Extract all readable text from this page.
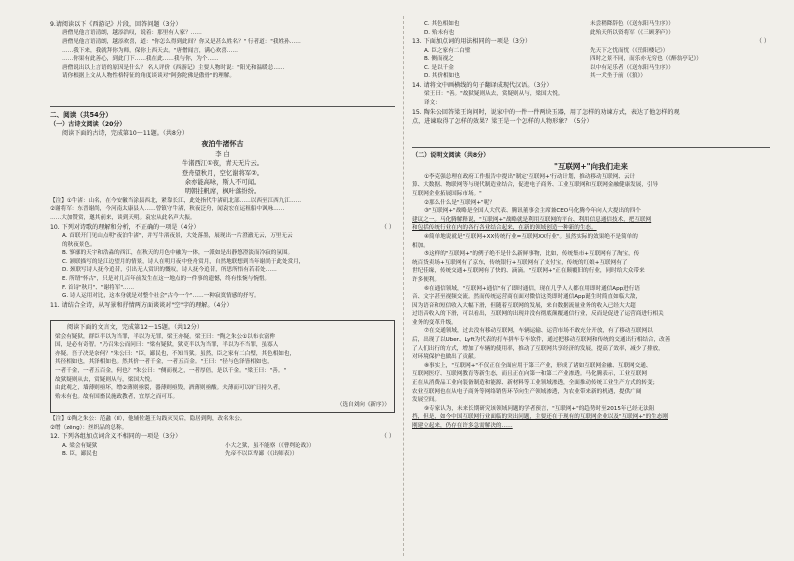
9.请阅读以下《西游记》片段，回答问题（3分）

唐僧见他言语清朗，越添浩叹，说着：那里有人家？……

唐僧见他言语清朗，越添欢喜，道："你怎么得到此间？你又是甚么姓名？" 行者道："我姓孙……

……我下来，我就拜你为师，保你上西天去。"唐僧闻言，满心欢喜……

……你果有此善心，到此门下……我在此……我与你，为个……

唐僧说出以上言语的原因是什么？ 名人评价《西游记》主要人物时说："阳光和温暖总……

请你根据上文从人物性格特征的角度谈谈对"阿弥陀佛是傲骨"的理解。

二、阅读（共54分）

（一）古诗文阅读（20分）

阅读下面的古诗，完成第10～11题。（共8分）

夜泊牛渚怀古

李 白

牛渚西江①夜，青天无片云。

登舟望秋月，空忆谢将军②。

余亦能高咏，斯人不可闻。

明朝挂帆席，枫叶落纷纷。

【注】①牛渚：山名，在今安徽当涂县西北，紧靠长江，此处指代牛渚矶北部……以西至江西九江……

②谢将军：东晋谢尚，今河南太康县人……曾镇守牛渚，秋夜泛舟，闻袁宏在运租船中讽咏……

……大加赞赏，邀其前来，谈到天明。袁宏从此名声大振。

10. 下列对诗歌的理解和分析，不正确的一项是（4分）	（ ）

A. 首联开门见山点明"夜泊牛渚"，并写牛渚夜景，大处落墨，展现出一片澄澈无云，万里无云

的秋夜景色。

B. 寥廓的天宇和浩淼的西江，在秋天的月色中融为一体，一派如是出静悠澄淡而冷寂的氛围。

C. 颔联描写的是江边望月的情景，诗人在明月夜中登舟赏月，自然地联想到当年谢尚于此处赏月，

D. 颈联写诗人抚今追昔，引出无人赏识的慨叹，诗人抚今追昔，所思所悟有若若处……

E. 所谓"怀古"，只是对几百年前发生在这一地点的一件事的遗憾，终有怅惋与惋惜。

F. 首诗"秋月"、"谢将军"……

G. 诗人运用对比，这本身就是对整个社会"古今一个"……一种寂寞情感的抒写。

11. 请结合全诗，从写景和抒情两方面谈谈对"空"字的理解。（4分）

阅读下面的文言文，完成第12～15题。（共12分）

梁会有疑狱，群臣半以为当罪，半以为无罪，梁王亦疑。梁王曰："陶之朱公①以布衣富侔

国，是必有奇智。"乃召朱公而问曰："梁有疑狱，狱吏半以为当罪，半以为不当罪，虽寡人

亦疑。吾子决是奈何？"朱公曰："臣，鄙民也，不知当狱。虽然，臣之家有二白璧，其色相如也，

其径相如也，其泽相如也。然其价一者千金，一者五百金。"王曰："径与色泽皆相如也，

一者千金，一者五百金，何也？"朱公曰："侧而视之，一者厚倍，是以千金。"梁王曰："善。"

故狱疑则从去，赏疑则从与，梁国大悦。

由此观之，墙薄则亟坏，缯②薄则亟裂，器薄则亟毁，酒薄则亟酸。夫薄而可以旷日持久者，

殆未有也。故有国畜民施政教者，宜厚之而可耳。

（选自刘向《新序》）

【注】①陶之朱公：范蠡（lǐ），他辅佐越王勾践灭吴后，隐居到陶，改名朱公。

②缯（zēng）：丝织品的总称。

12. 下列各组加点词含义不相同的一项是（3分）	（ ）
A. 梁会有疑狱	小大之狱，虽不能察（《曹刿论战》）
B. 臣，鄙民也	先帝不以臣卑鄙（《出师表》）
C. 其色相如也	未尝稍降辞色（《送东阳马生序》）
D. 殆未有也	此殆天所以资将军（《三顾茅庐》）
13. 下面加点词的用法相同的一项是（3分）	（ ）
A. 臣之家有二白璧	先天下之忧而忧（《岳阳楼记》）
B. 侧而视之	四时之景不同，而乐亦无穷也（《醉翁亭记》）
C. 是以千金	以中有足乐者（《送东阳马生序》）
D. 其价相如也	其一犬坐于前（《狼》）

14. 请将文中画横线的句子翻译成现代汉语。（3分）

梁王曰："善。"故狱疑则从去，赏疑则从与，梁国大悦。

译文：

15. 陶朱公回答梁王询问时，说家中的一件一件两块玉器，用了怎样的劝谏方式，表达了他怎样的观

点，进谏取得了怎样的效果？梁王是一个怎样的人物形象？（5分）

（二）说明文阅读（共8分）

"互联网+"向我们走来

①李克强总理在政府工作报告中提出"制定'互联网+'行动计划，推动移动互联网、云计

算、大数据、物联网等与现代制造业结合，促进电子商务、工业互联网和互联网金融健康发展，引导

互联网企业拓展国际市场。"

②那么什么是"互联网+"呢？

③"互联网+"战略是全国人大代表、腾讯董事会主席兼CEO马化腾今年向人大提出的四个

建议之一。马化腾解释说，"互联网+"战略就是利用互联网的平台、利用信息通信技术，把互联网

和包括传统行业在内的各行各业结合起来，在新的领域创造一种新的生态。

④简单地说就是"互联网+XX传统行业=互联网XX行业"。虽然实际的效果绝不是简单的

相加。

⑤这样的"互联网+"的例子绝不是什么新鲜事物，比如，传统集市+互联网有了淘宝，传

统百货卖场+互联网有了京东，传统银行+互联网有了支付宝，传统的红娘+互联网有了

世纪佳缘，传统交通+互联网有了快的、滴滴。"互联网+"正在颠覆旧的行业，同时给大众带来

许多便利。

⑥在通信领域，"互联网+通信"有了即时通信，现在几乎人人都在用即时通信App进行语

音、文字甚至视频交流。然而传统运营商在面对微信这类即时通信App诞生时简直如临大敌，

因为语音和短信收入大幅下滑，但随着互联网的发展，来自数据流量业务的收入已经大大超

过语音收入的下滑，可以看出，互联网的出现并没有彻底颠覆通信行业，反而是促进了运营商进行相关

业务的变革升级。

⑦在交通领域，过去没有移动互联网，车辆运输、运营市场不敢充分开放，有了移动互联网以

后，出现了以Uber、Lyft为代表的打车拼车专车软件，通过把移动互联网和传统的交通出行相结合，改善

了人们出行的方式，增加了车辆的使用率，推动了互联网共享经济的发展，提高了效率，减少了排放，

对环境保护也做出了贡献。

⑧事实上，"互联网+"不仅正在全面应用于第三产业，形成了诸如互联网金融、互联网交通、

互联网医疗、互联网教育等新生态，而且正在向第一和第二产业渗透。马化腾表示，工业互联网

正在从消费品工业向装备制造和能源、新材料等工业领域渗透，全面推动传统工业生产方式的转变；

农业互联网也在从电子商务等网络销售环节向生产领域渗透，为农业带来新的机遇，提供广阔

发展空间。

⑨专家认为，未来长期研究该领域问题的学者预言，"互联网+"的趋势时至2015年已经无法阻

挡，但是，如今中国互联网行业面临的突出问题，主要还在于现有的互联网企业以及"互联网+"的生态刚

刚建立起来，仍存在许多急需解决的……
